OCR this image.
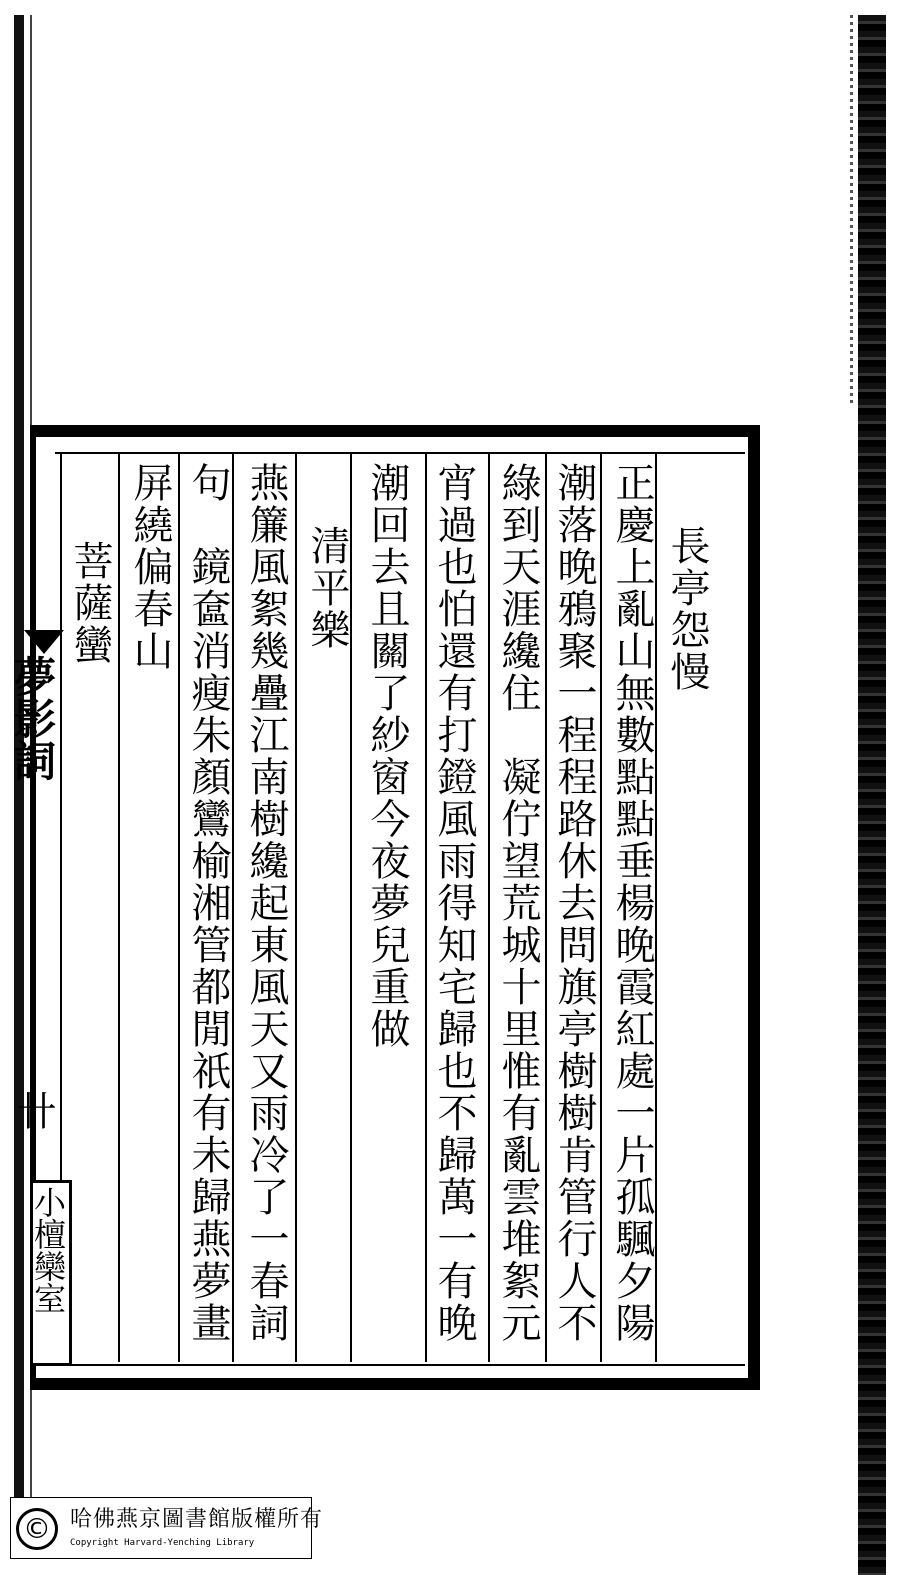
長亭怨慢
正慶上亂山無數點點垂楊晚霞紅處一片孤颿夕陽
潮落晚鴉聚一程程路休去問旗亭樹樹肯管行人不
綠到天涯纔住　凝佇望荒城十里惟有亂雲堆絮元
宵過也怕還有打鐙風雨得知宅歸也不歸萬一有晚
潮回去且關了紗窗今夜夢兒重做
清平樂
燕簾風絮幾疊江南樹纔起東風天又雨冷了一春詞
句　鏡奩消瘦朱顏鸞榆湘管都閒祇有未歸燕夢畫
屏繞偏春山
菩薩蠻
夢影詞
卄
小檀欒室
© 哈佛燕京圖書館版權所有
Copyright Harvard-Yenching Library
